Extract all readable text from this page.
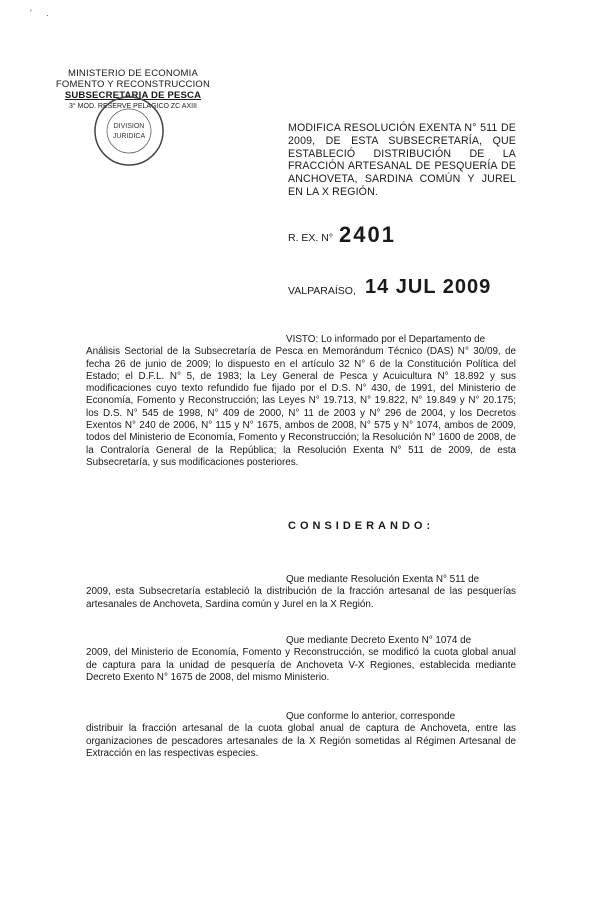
' .
MINISTERIO DE ECONOMIA
FOMENTO Y RECONSTRUCCION
SUBSECRETARIA DE PESCA
3° MOD. RESERVE PELAGICO ZC AXIII
DIVISION
JURIDICA
MODIFICA RESOLUCIÓN EXENTA N° 511 DE 2009, DE ESTA SUBSECRETARÍA, QUE ESTABLECIÓ DISTRIBUCIÓN DE LA FRACCIÓN ARTESANAL DE PESQUERÍA DE ANCHOVETA, SARDINA COMÚN Y JUREL EN LA X REGIÓN.
R. EX. N° 2401
VALPARAÍSO, 14 JUL 2009
VISTO: Lo informado por el Departamento de
Análisis Sectorial de la Subsecretaría de Pesca en Memorándum Técnico (DAS) N° 30/09, de fecha 26 de junio de 2009; lo dispuesto en el artículo 32 N° 6 de la Constitución Política del Estado; el D.F.L. N° 5, de 1983; la Ley General de Pesca y Acuicultura N° 18.892 y sus modificaciones cuyo texto refundido fue fijado por el D.S. N° 430, de 1991, del Ministerio de Economía, Fomento y Reconstrucción; las Leyes N° 19.713, N° 19.822, N° 19.849 y N° 20.175; los D.S. N° 545 de 1998, N° 409 de 2000, N° 11 de 2003 y N° 296 de 2004, y los Decretos Exentos N° 240 de 2006, N° 115 y N° 1675, ambos de 2008, N° 575 y N° 1074, ambos de 2009, todos del Ministerio de Economía, Fomento y Reconstrucción; la Resolución N° 1600 de 2008, de la Contraloría General de la República; la Resolución Exenta N° 511 de 2009, de esta Subsecretaría, y sus modificaciones posteriores.
CONSIDERANDO:
Que mediante Resolución Exenta N° 511 de
2009, esta Subsecretaría estableció la distribución de la fracción artesanal de las pesquerías artesanales de Anchoveta, Sardina común y Jurel en la X Región.
Que mediante Decreto Exento N° 1074 de
2009, del Ministerio de Economía, Fomento y Reconstrucción, se modificó la cuota global anual de captura para la unidad de pesquería de Anchoveta V-X Regiones, establecida mediante Decreto Exento N° 1675 de 2008, del mismo Ministerio.
Que conforme lo anterior, corresponde
distribuir la fracción artesanal de la cuota global anual de captura de Anchoveta, entre las organizaciones de pescadores artesanales de la X Región sometidas al Régimen Artesanal de Extracción en las respectivas especies.
